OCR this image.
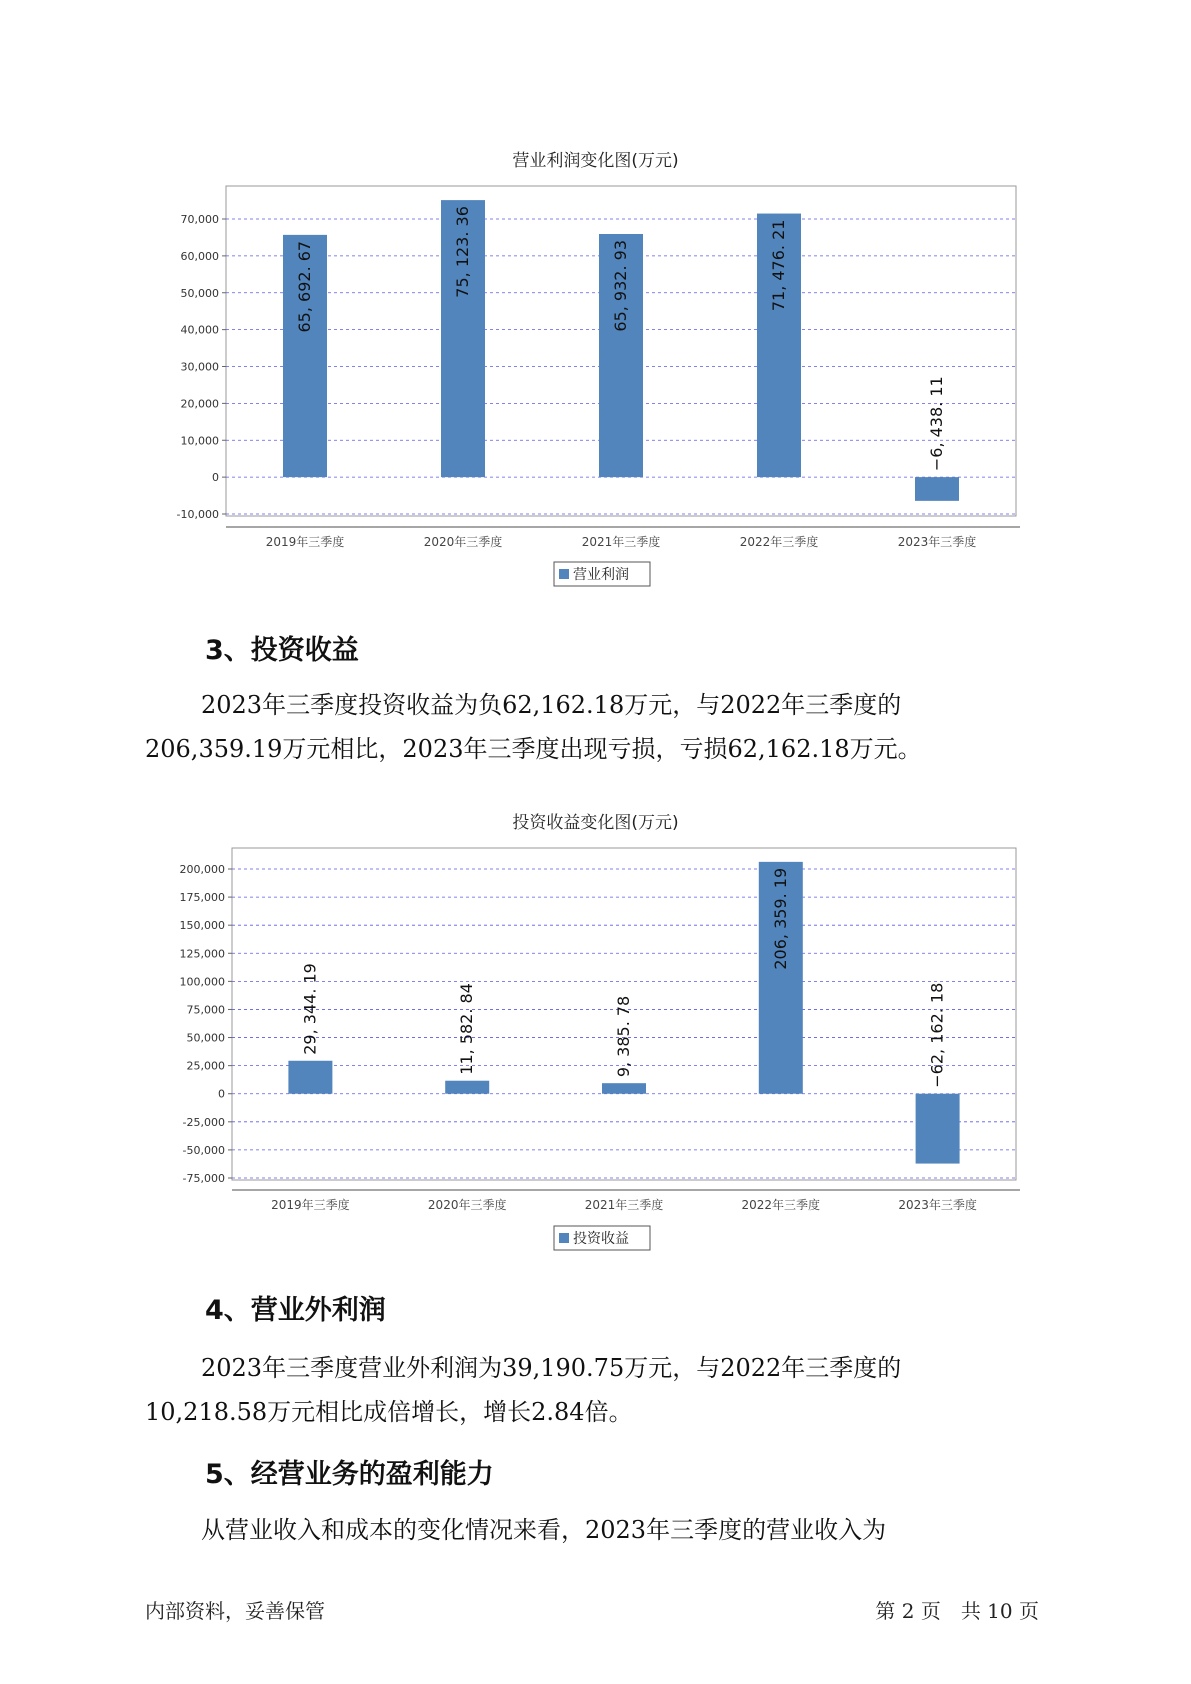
营业利润变化图(万元)
-10,000
0
10,000
20,000
30,000
40,000
50,000
60,000
70,000
65, 692. 67
2019年三季度
75, 123. 36
2020年三季度
65, 932. 93
2021年三季度
71, 476. 21
2022年三季度
−6, 438. 11
2023年三季度
营业利润
3、投资收益
2023年三季度投资收益为负62,162.18万元，与2022年三季度的
206,359.19万元相比，2023年三季度出现亏损，亏损62,162.18万元。
投资收益变化图(万元)
-75,000
-50,000
-25,000
0
25,000
50,000
75,000
100,000
125,000
150,000
175,000
200,000
29, 344. 19
2019年三季度
11, 582. 84
2020年三季度
9, 385. 78
2021年三季度
206, 359. 19
2022年三季度
−62, 162. 18
2023年三季度
投资收益
4、营业外利润
2023年三季度营业外利润为39,190.75万元，与2022年三季度的
10,218.58万元相比成倍增长，增长2.84倍。
5、经营业务的盈利能力
从营业收入和成本的变化情况来看，2023年三季度的营业收入为
内部资料，妥善保管	第 2 页　共 10 页
